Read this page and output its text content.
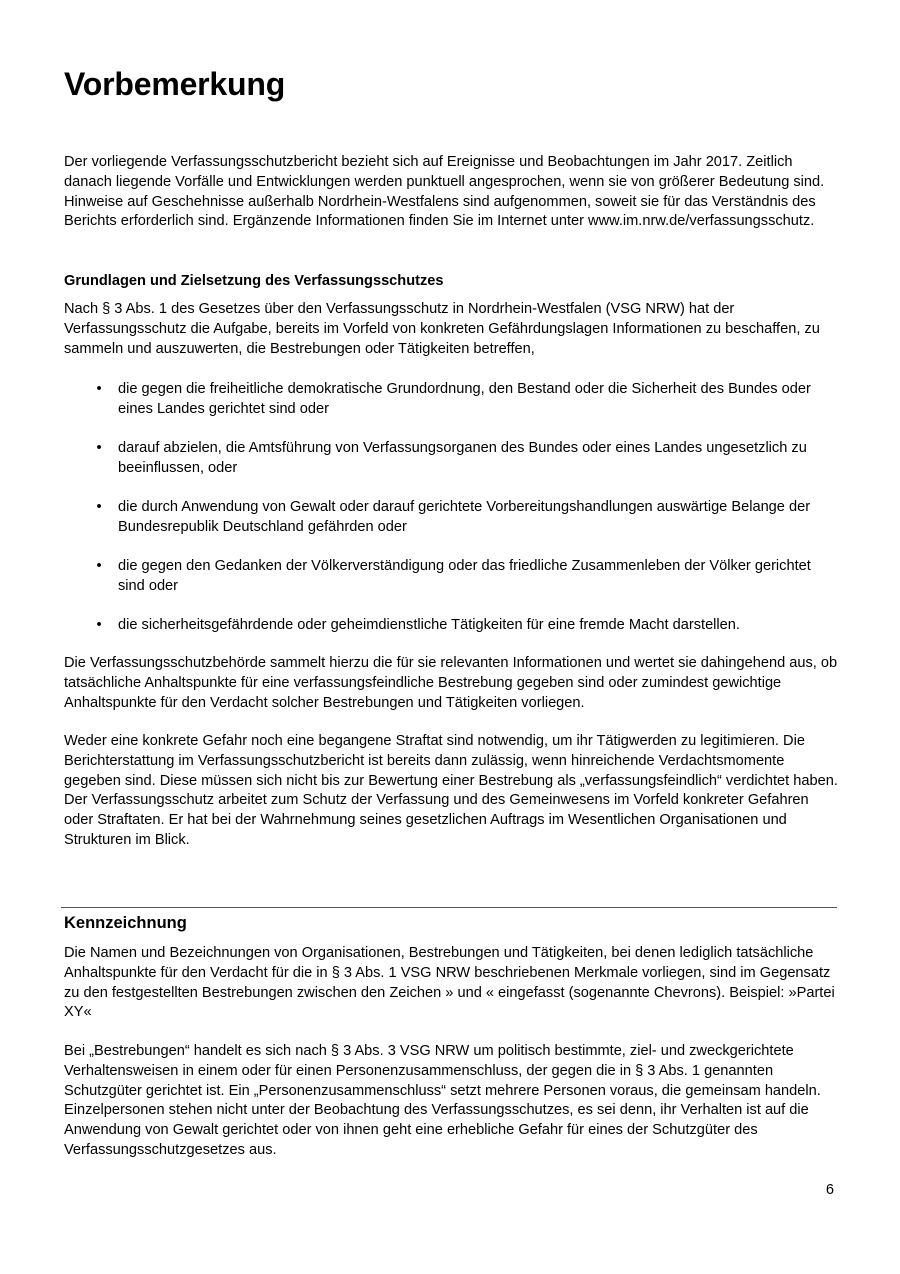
Vorbemerkung

Der vorliegende Verfassungsschutzbericht bezieht sich auf Ereignisse und Beobachtungen im Jahr 2017. Zeitlich danach liegende Vorfälle und Entwicklungen werden punktuell angesprochen, wenn sie von größerer Bedeutung sind. Hinweise auf Geschehnisse außerhalb Nordrhein-Westfalens sind aufgenommen, soweit sie für das Verständnis des Berichts erforderlich sind. Ergänzende Informationen finden Sie im Internet unter www.im.nrw.de/verfassungsschutz.

Grundlagen und Zielsetzung des Verfassungsschutzes

Nach § 3 Abs. 1 des Gesetzes über den Verfassungsschutz in Nordrhein-Westfalen (VSG NRW) hat der Verfassungsschutz die Aufgabe, bereits im Vorfeld von konkreten Gefährdungslagen Informationen zu beschaffen, zu sammeln und auszuwerten, die Bestrebungen oder Tätigkeiten betreffen,

•	die gegen die freiheitliche demokratische Grundordnung, den Bestand oder die Sicherheit des Bundes oder eines Landes gerichtet sind oder
•	darauf abzielen, die Amtsführung von Verfassungsorganen des Bundes oder eines Landes ungesetzlich zu beeinflussen, oder
•	die durch Anwendung von Gewalt oder darauf gerichtete Vorbereitungshandlungen auswärtige Belange der Bundesrepublik Deutschland gefährden oder
•	die gegen den Gedanken der Völkerverständigung oder das friedliche Zusammenleben der Völker gerichtet sind oder
•	die sicherheitsgefährdende oder geheimdienstliche Tätigkeiten für eine fremde Macht darstellen.

Die Verfassungsschutzbehörde sammelt hierzu die für sie relevanten Informationen und wertet sie dahingehend aus, ob tatsächliche Anhaltspunkte für eine verfassungsfeindliche Bestrebung gegeben sind oder zumindest gewichtige Anhaltspunkte für den Verdacht solcher Bestrebungen und Tätigkeiten vorliegen.

Weder eine konkrete Gefahr noch eine begangene Straftat sind notwendig, um ihr Tätigwerden zu legitimieren. Die Berichterstattung im Verfassungsschutzbericht ist bereits dann zulässig, wenn hinreichende Verdachtsmomente gegeben sind. Diese müssen sich nicht bis zur Bewertung einer Bestrebung als „verfassungsfeindlich“ verdichtet haben. Der Verfassungsschutz arbeitet zum Schutz der Verfassung und des Gemeinwesens im Vorfeld konkreter Gefahren oder Straftaten. Er hat bei der Wahrnehmung seines gesetzlichen Auftrags im Wesentlichen Organisationen und Strukturen im Blick.

Kennzeichnung

Die Namen und Bezeichnungen von Organisationen, Bestrebungen und Tätigkeiten, bei denen lediglich tatsächliche Anhaltspunkte für den Verdacht für die in § 3 Abs. 1 VSG NRW beschriebenen Merkmale vorliegen, sind im Gegensatz zu den festgestellten Bestrebungen zwischen den Zeichen » und « eingefasst (sogenannte Chevrons). Beispiel: »Partei XY«

Bei „Bestrebungen“ handelt es sich nach § 3 Abs. 3 VSG NRW um politisch bestimmte, ziel- und zweckgerichtete Verhaltensweisen in einem oder für einen Personenzusammenschluss, der gegen die in § 3 Abs. 1 genannten Schutzgüter gerichtet ist. Ein „Personenzusammenschluss“ setzt mehrere Personen voraus, die gemeinsam handeln. Einzelpersonen stehen nicht unter der Beobachtung des Verfassungsschutzes, es sei denn, ihr Verhalten ist auf die Anwendung von Gewalt gerichtet oder von ihnen geht eine erhebliche Gefahr für eines der Schutzgüter des Verfassungsschutzgesetzes aus.

6
